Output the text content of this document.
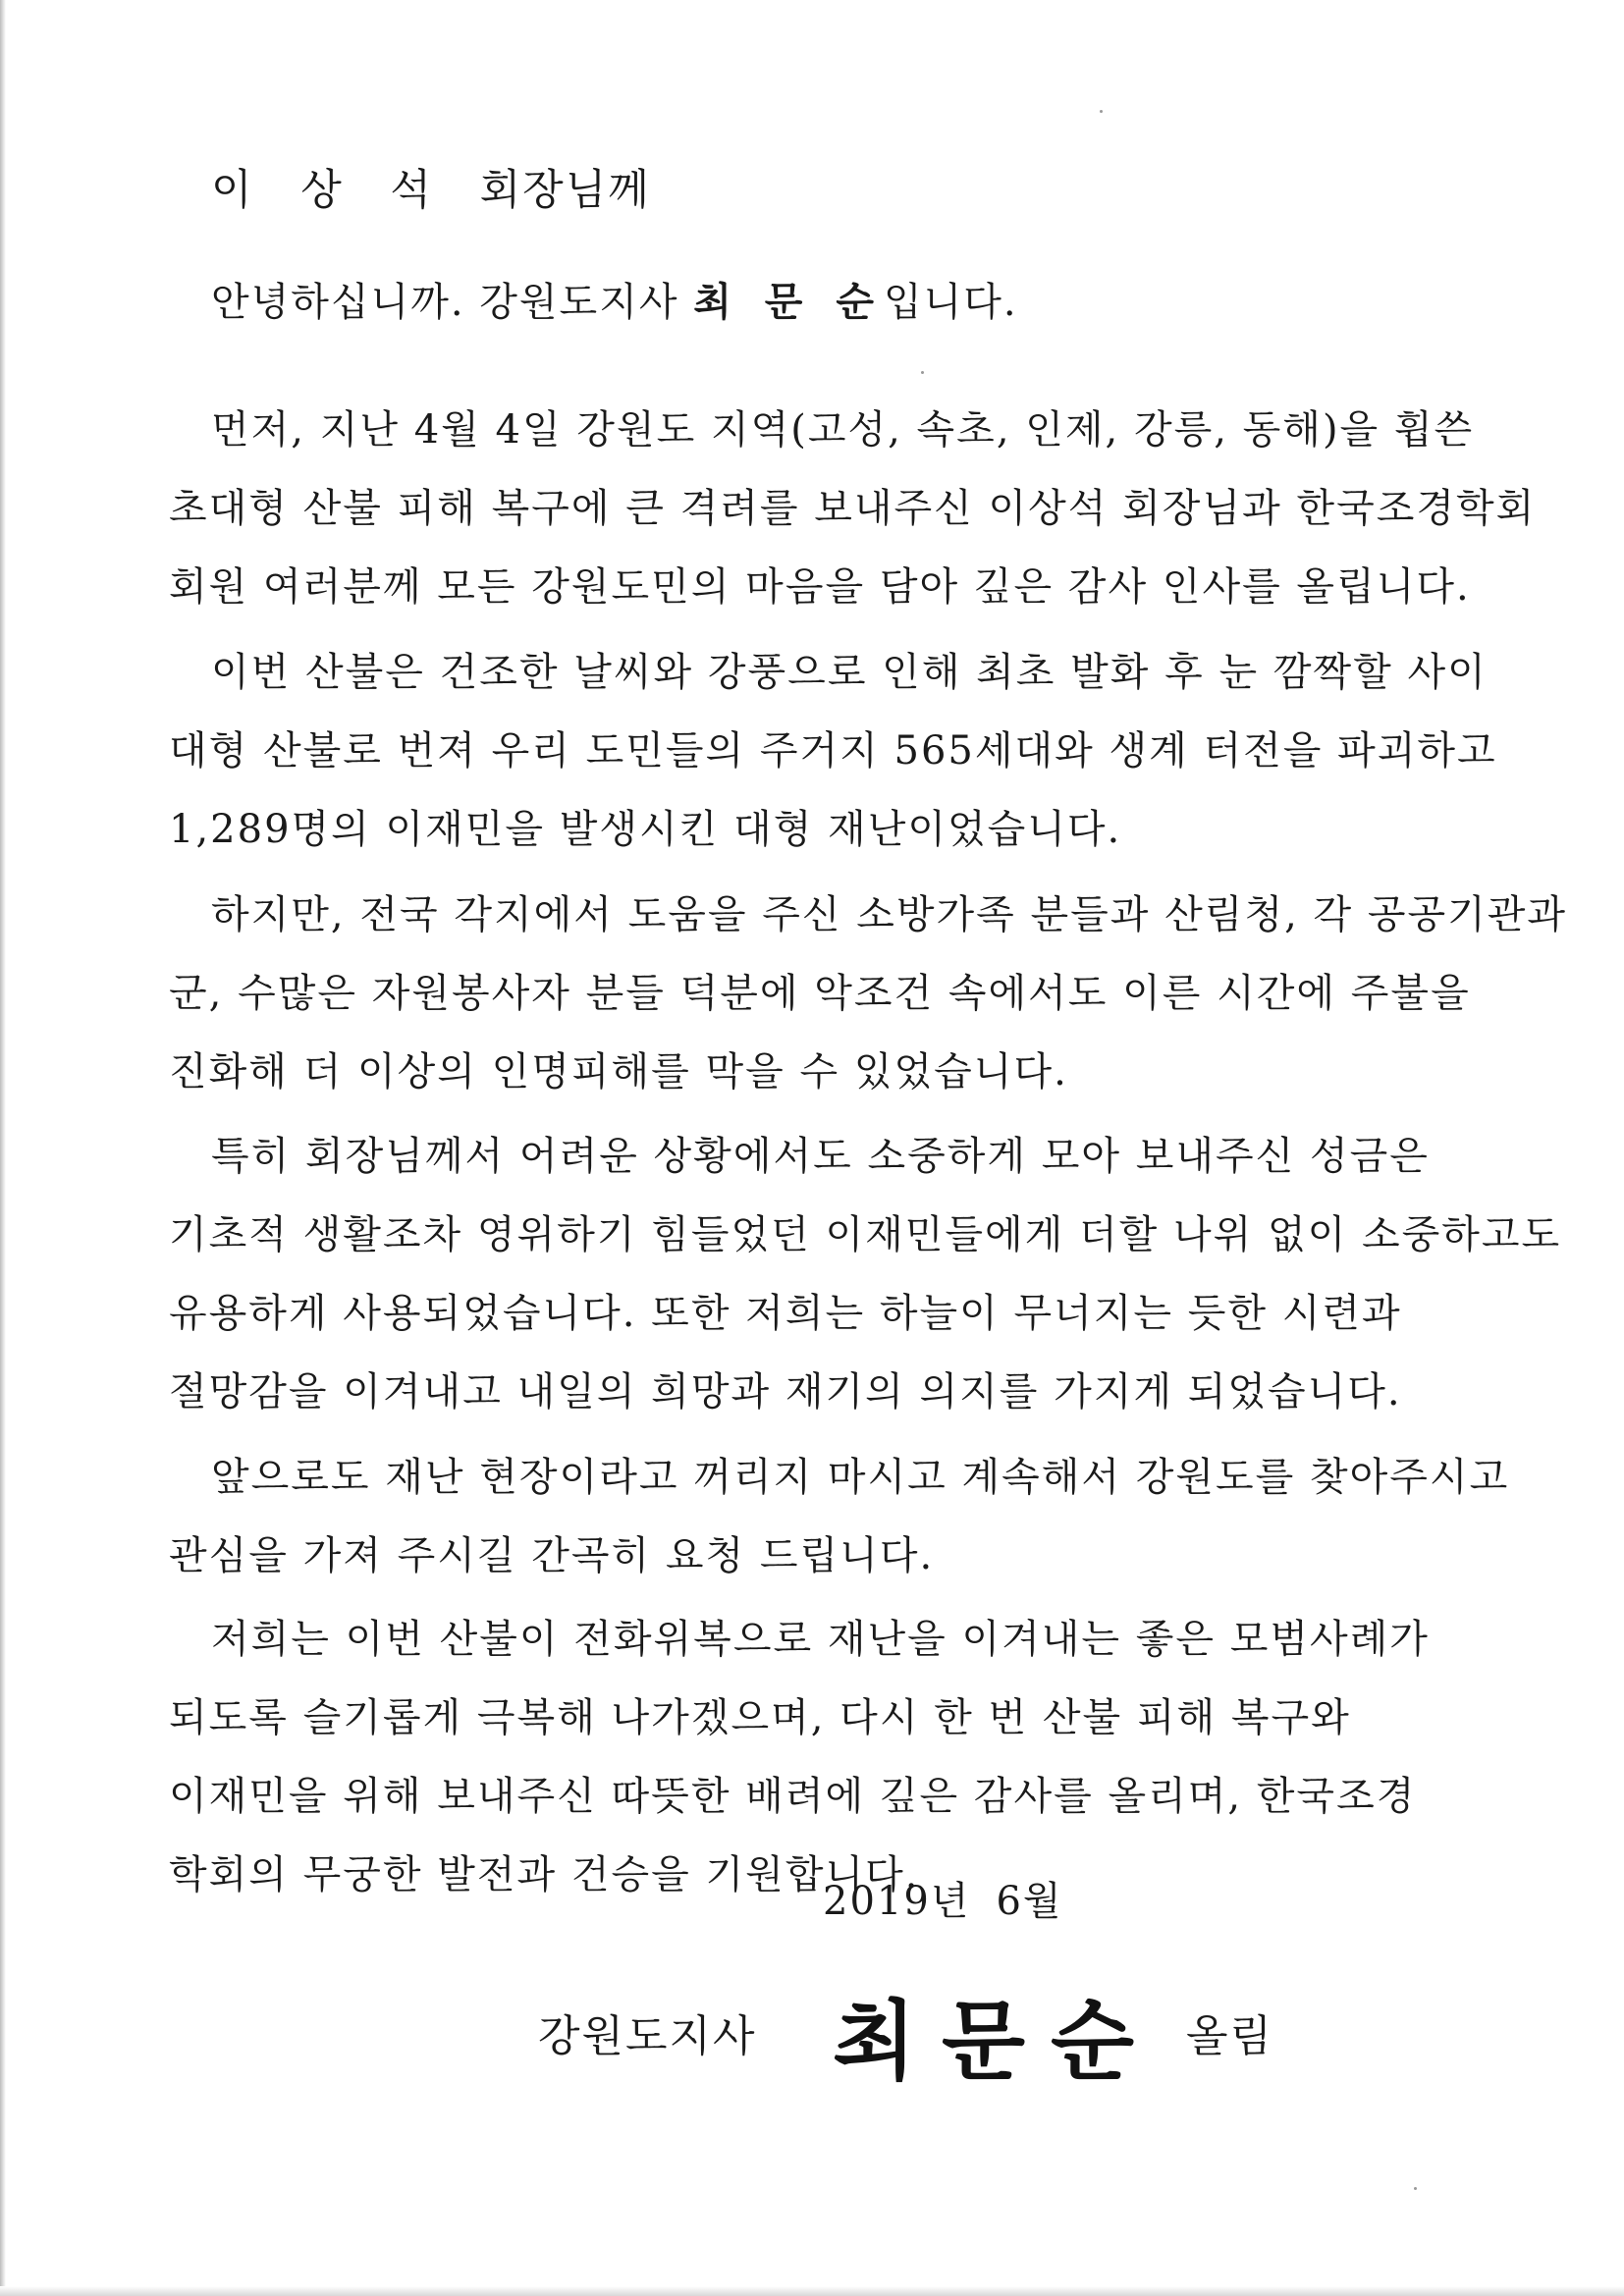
이 상 석 회장님께

안녕하십니까. 강원도지사 최 문 순입니다.

먼저, 지난 4월 4일 강원도 지역(고성, 속초, 인제, 강릉, 동해)을 휩쓴
초대형 산불 피해 복구에 큰 격려를 보내주신 이상석 회장님과 한국조경학회
회원 여러분께 모든 강원도민의 마음을 담아 깊은 감사 인사를 올립니다.

이번 산불은 건조한 날씨와 강풍으로 인해 최초 발화 후 눈 깜짝할 사이
대형 산불로 번져 우리 도민들의 주거지 565세대와 생계 터전을 파괴하고
1,289명의 이재민을 발생시킨 대형 재난이었습니다.

하지만, 전국 각지에서 도움을 주신 소방가족 분들과 산림청, 각 공공기관과
군, 수많은 자원봉사자 분들 덕분에 악조건 속에서도 이른 시간에 주불을
진화해 더 이상의 인명피해를 막을 수 있었습니다.

특히 회장님께서 어려운 상황에서도 소중하게 모아 보내주신 성금은
기초적 생활조차 영위하기 힘들었던 이재민들에게 더할 나위 없이 소중하고도
유용하게 사용되었습니다. 또한 저희는 하늘이 무너지는 듯한 시련과
절망감을 이겨내고 내일의 희망과 재기의 의지를 가지게 되었습니다.

앞으로도 재난 현장이라고 꺼리지 마시고 계속해서 강원도를 찾아주시고
관심을 가져 주시길 간곡히 요청 드립니다.

저희는 이번 산불이 전화위복으로 재난을 이겨내는 좋은 모범사례가
되도록 슬기롭게 극복해 나가겠으며, 다시 한 번 산불 피해 복구와
이재민을 위해 보내주신 따뜻한 배려에 깊은 감사를 올리며, 한국조경
학회의 무궁한 발전과 건승을 기원합니다.

2019년 6월
강원도지사 최문순 올림
